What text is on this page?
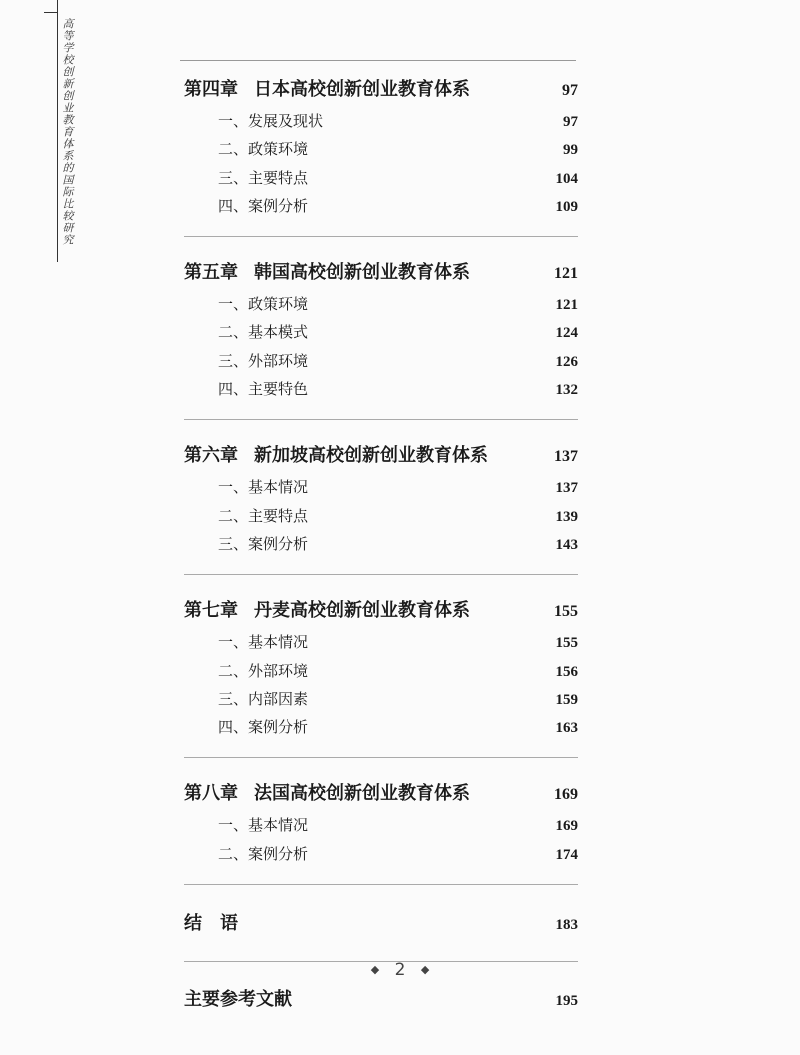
高等学校创新创业教育体系的国际比较研究	第四章 日本高校创新创业教育体系	97
一、发展及现状	97
二、政策环境	99
三、主要特点	104
四、案例分析	109
第五章 韩国高校创新创业教育体系	121
一、政策环境	121
二、基本模式	124
三、外部环境	126
四、主要特色	132
第六章 新加坡高校创新创业教育体系	137
一、基本情况	137
二、主要特点	139
三、案例分析	143
第七章 丹麦高校创新创业教育体系	155
一、基本情况	155
二、外部环境	156
三、内部因素	159
四、案例分析	163
第八章 法国高校创新创业教育体系	169
一、基本情况	169
二、案例分析	174
结　语	183
主要参考文献	195
◆ 2 ◆
